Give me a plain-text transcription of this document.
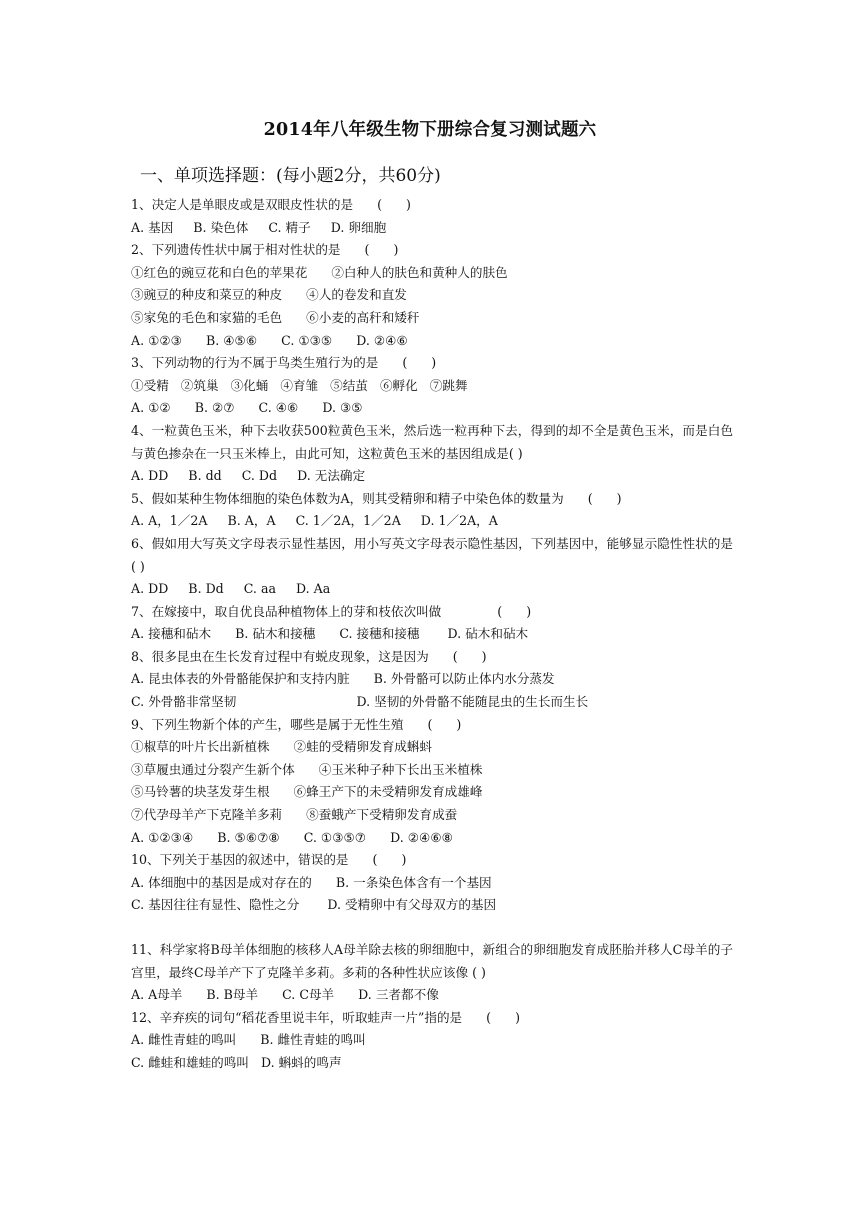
2014年八年级生物下册综合复习测试题六
一、单项选择题：(每小题2分，共60分)
1、决定人是单眼皮或是双眼皮性状的是      (      )
A. 基因     B. 染色体     C. 精子     D. 卵细胞
2、下列遗传性状中属于相对性状的是      (      )
①红色的豌豆花和白色的苹果花      ②白种人的肤色和黄种人的肤色
③豌豆的种皮和菜豆的种皮      ④人的卷发和直发
⑤家兔的毛色和家猫的毛色      ⑥小麦的高秆和矮秆
A. ①②③      B. ④⑤⑥      C. ①③⑤      D. ②④⑥
3、下列动物的行为不属于鸟类生殖行为的是      (      )
①受精   ②筑巢   ③化蛹   ④育雏   ⑤结茧   ⑥孵化   ⑦跳舞
A. ①②      B. ②⑦      C. ④⑥      D. ③⑤
4、一粒黄色玉米，种下去收获500粒黄色玉米，然后选一粒再种下去，得到的却不全是黄色玉米，而是白色与黄色掺杂在一只玉米棒上，由此可知，这粒黄色玉米的基因组成是( )
A. DD     B. dd     C. Dd     D. 无法确定
5、假如某种生物体细胞的染色体数为A，则其受精卵和精子中染色体的数量为      (      )
A. A，1／2A     B. A，A     C. 1／2A，1／2A     D. 1／2A，A
6、假如用大写英文字母表示显性基因，用小写英文字母表示隐性基因，下列基因中，能够显示隐性性状的是 ( )
A. DD     B. Dd     C. aa     D. Aa
7、在嫁接中，取自优良品种植物体上的芽和枝依次叫做              (      )
A. 接穗和砧木      B. 砧木和接穗      C. 接穗和接穗       D. 砧木和砧木
8、很多昆虫在生长发育过程中有蜕皮现象，这是因为      (      )
A. 昆虫体表的外骨骼能保护和支持内脏      B. 外骨骼可以防止体内水分蒸发
C. 外骨骼非常坚韧                              D. 坚韧的外骨骼不能随昆虫的生长而生长
9、下列生物新个体的产生，哪些是属于无性生殖      (      )
①椒草的叶片长出新植株      ②蛙的受精卵发育成蝌蚪
③草履虫通过分裂产生新个体      ④玉米种子种下长出玉米植株
⑤马铃薯的块茎发芽生根      ⑥蜂王产下的未受精卵发育成雄峰
⑦代孕母羊产下克隆羊多莉      ⑧蚕蛾产下受精卵发育成蚕
A. ①②③④      B. ⑤⑥⑦⑧      C. ①③⑤⑦      D. ②④⑥⑧
10、下列关于基因的叙述中，错误的是      (      )
A. 体细胞中的基因是成对存在的      B. 一条染色体含有一个基因
C. 基因往往有显性、隐性之分       D. 受精卵中有父母双方的基因
11、科学家将B母羊体细胞的核移人A母羊除去核的卵细胞中，新组合的卵细胞发育成胚胎并移人C母羊的子宫里，最终C母羊产下了克隆羊多莉。多莉的各种性状应该像 ( )
A. A母羊      B. B母羊      C. C母羊      D. 三者都不像
12、辛弃疾的词句“稻花香里说丰年，听取蛙声一片”指的是      (      )
A. 雌性青蛙的鸣叫      B. 雌性青蛙的鸣叫
C. 雌蛙和雄蛙的鸣叫   D. 蝌蚪的鸣声
